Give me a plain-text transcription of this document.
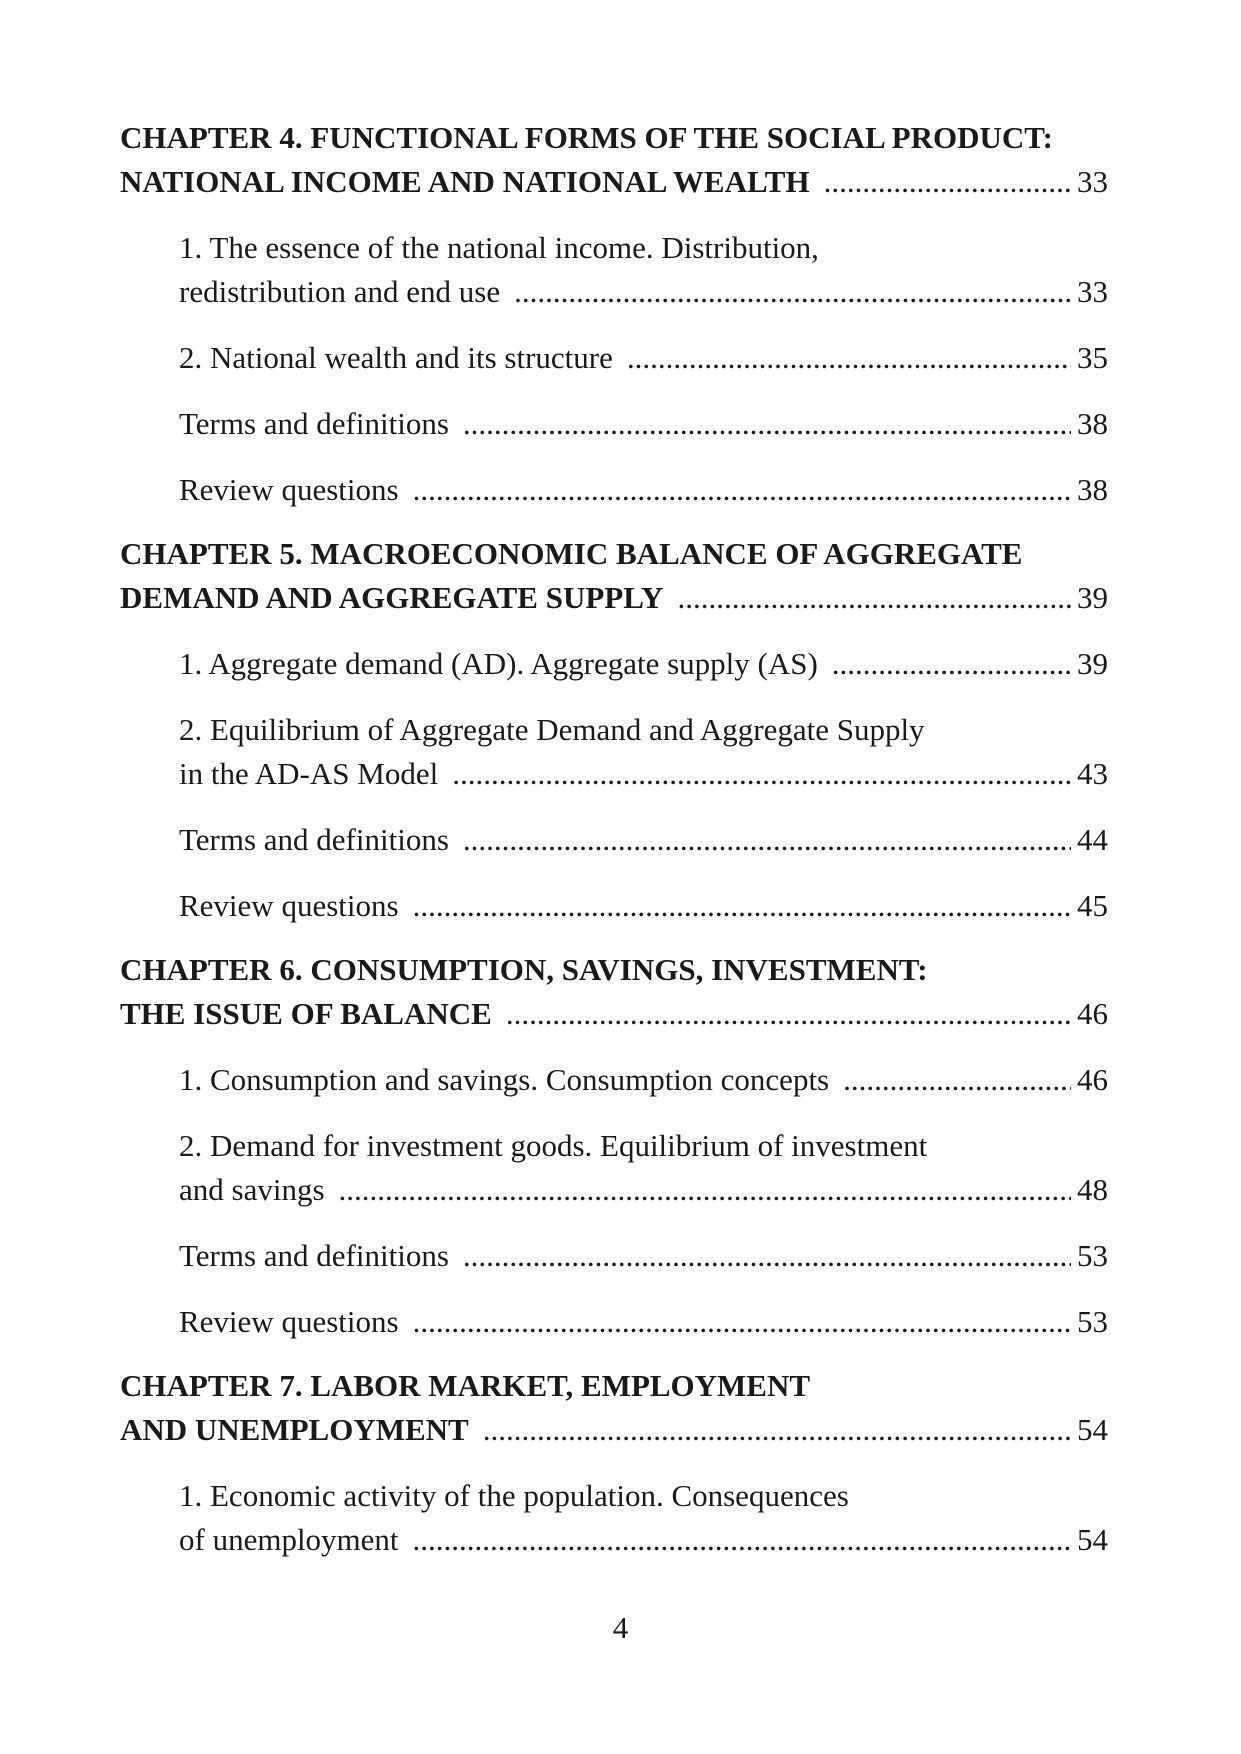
CHAPTER 4. FUNCTIONAL FORMS OF THE SOCIAL PRODUCT:
NATIONAL INCOME AND NATIONAL WEALTH .....	33
1. The essence of the national income. Distribution,
redistribution and end use .....	33
2. National wealth and its structure .....	35
Terms and definitions .....	38
Review questions .....	38
CHAPTER 5. MACROECONOMIC BALANCE OF AGGREGATE
DEMAND AND AGGREGATE SUPPLY .....	39
1. Aggregate demand (AD). Aggregate supply (AS) .....	39
2. Equilibrium of Aggregate Demand and Aggregate Supply
in the AD-AS Model .....	43
Terms and definitions .....	44
Review questions .....	45
CHAPTER 6. CONSUMPTION, SAVINGS, INVESTMENT:
THE ISSUE OF BALANCE .....	46
1. Consumption and savings. Consumption concepts .....	46
2. Demand for investment goods. Equilibrium of investment
and savings .....	48
Terms and definitions .....	53
Review questions .....	53
CHAPTER 7. LABOR MARKET, EMPLOYMENT
AND UNEMPLOYMENT .....	54
1. Economic activity of the population. Consequences
of unemployment .....	54
4
